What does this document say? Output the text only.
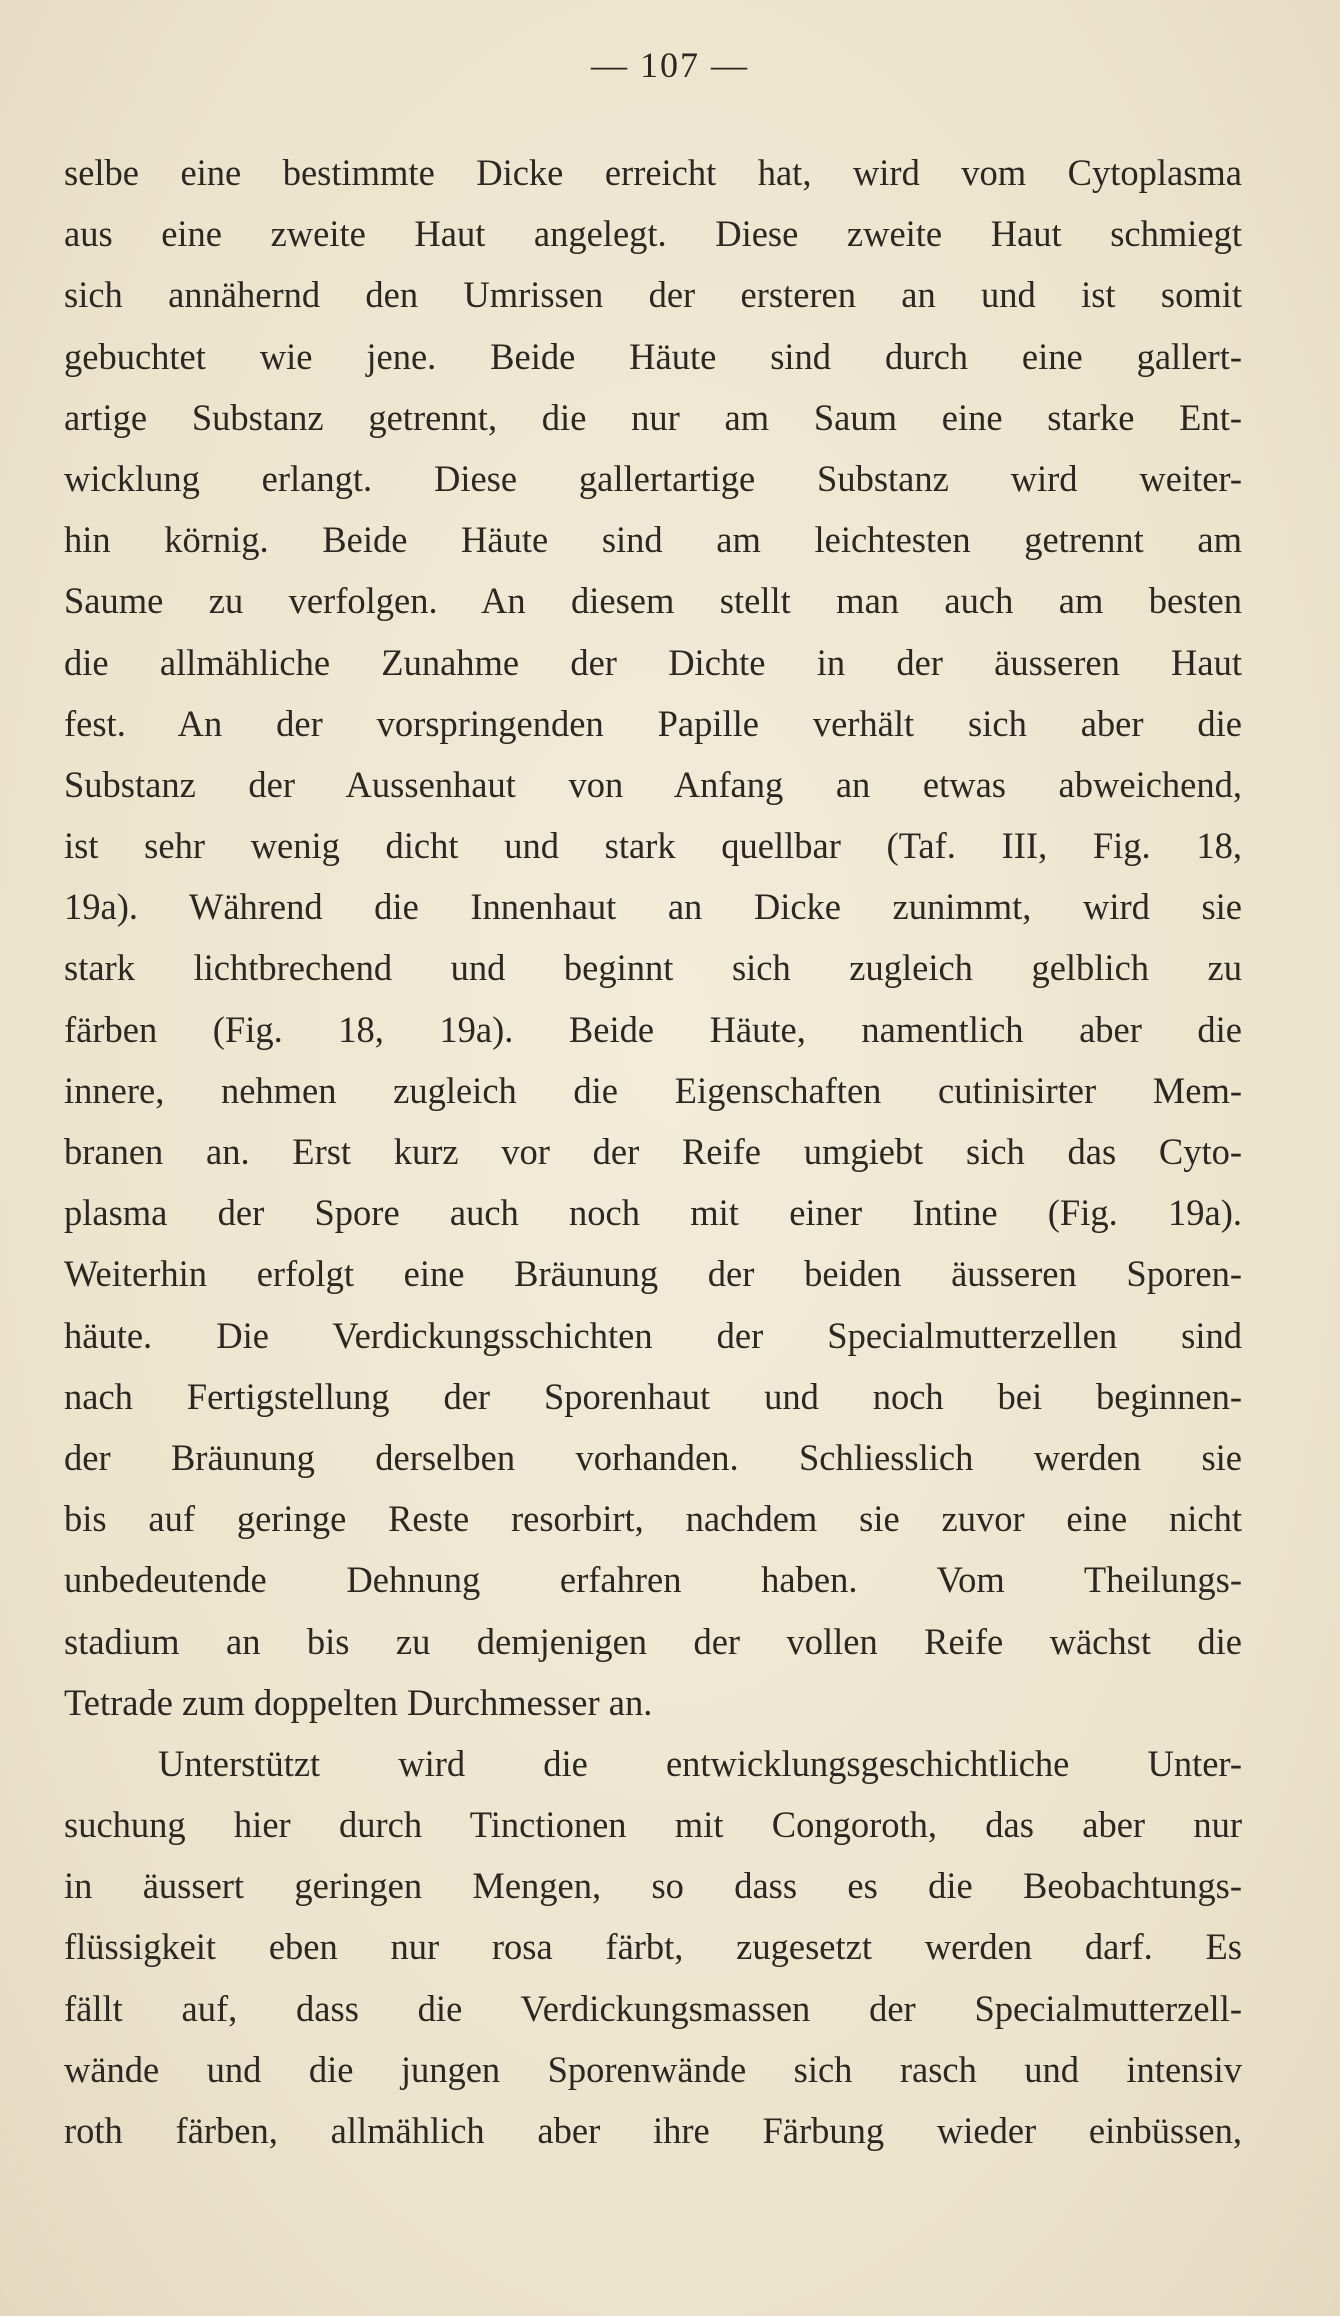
— 107 —
selbe eine bestimmte Dicke erreicht hat, wird vom Cytoplasma
aus eine zweite Haut angelegt. Diese zweite Haut schmiegt
sich annähernd den Umrissen der ersteren an und ist somit
gebuchtet wie jene. Beide Häute sind durch eine gallert-
artige Substanz getrennt, die nur am Saum eine starke Ent-
wicklung erlangt. Diese gallertartige Substanz wird weiter-
hin körnig. Beide Häute sind am leichtesten getrennt am
Saume zu verfolgen. An diesem stellt man auch am besten
die allmähliche Zunahme der Dichte in der äusseren Haut
fest. An der vorspringenden Papille verhält sich aber die
Substanz der Aussenhaut von Anfang an etwas abweichend,
ist sehr wenig dicht und stark quellbar (Taf. III, Fig. 18,
19a). Während die Innenhaut an Dicke zunimmt, wird sie
stark lichtbrechend und beginnt sich zugleich gelblich zu
färben (Fig. 18, 19a). Beide Häute, namentlich aber die
innere, nehmen zugleich die Eigenschaften cutinisirter Mem-
branen an. Erst kurz vor der Reife umgiebt sich das Cyto-
plasma der Spore auch noch mit einer Intine (Fig. 19a).
Weiterhin erfolgt eine Bräunung der beiden äusseren Sporen-
häute. Die Verdickungsschichten der Specialmutterzellen sind
nach Fertigstellung der Sporenhaut und noch bei beginnen-
der Bräunung derselben vorhanden. Schliesslich werden sie
bis auf geringe Reste resorbirt, nachdem sie zuvor eine nicht
unbedeutende Dehnung erfahren haben. Vom Theilungs-
stadium an bis zu demjenigen der vollen Reife wächst die
Tetrade zum doppelten Durchmesser an.
Unterstützt wird die entwicklungsgeschichtliche Unter-
suchung hier durch Tinctionen mit Congoroth, das aber nur
in äussert geringen Mengen, so dass es die Beobachtungs-
flüssigkeit eben nur rosa färbt, zugesetzt werden darf. Es
fällt auf, dass die Verdickungsmassen der Specialmutterzell-
wände und die jungen Sporenwände sich rasch und intensiv
roth färben, allmählich aber ihre Färbung wieder einbüssen,
